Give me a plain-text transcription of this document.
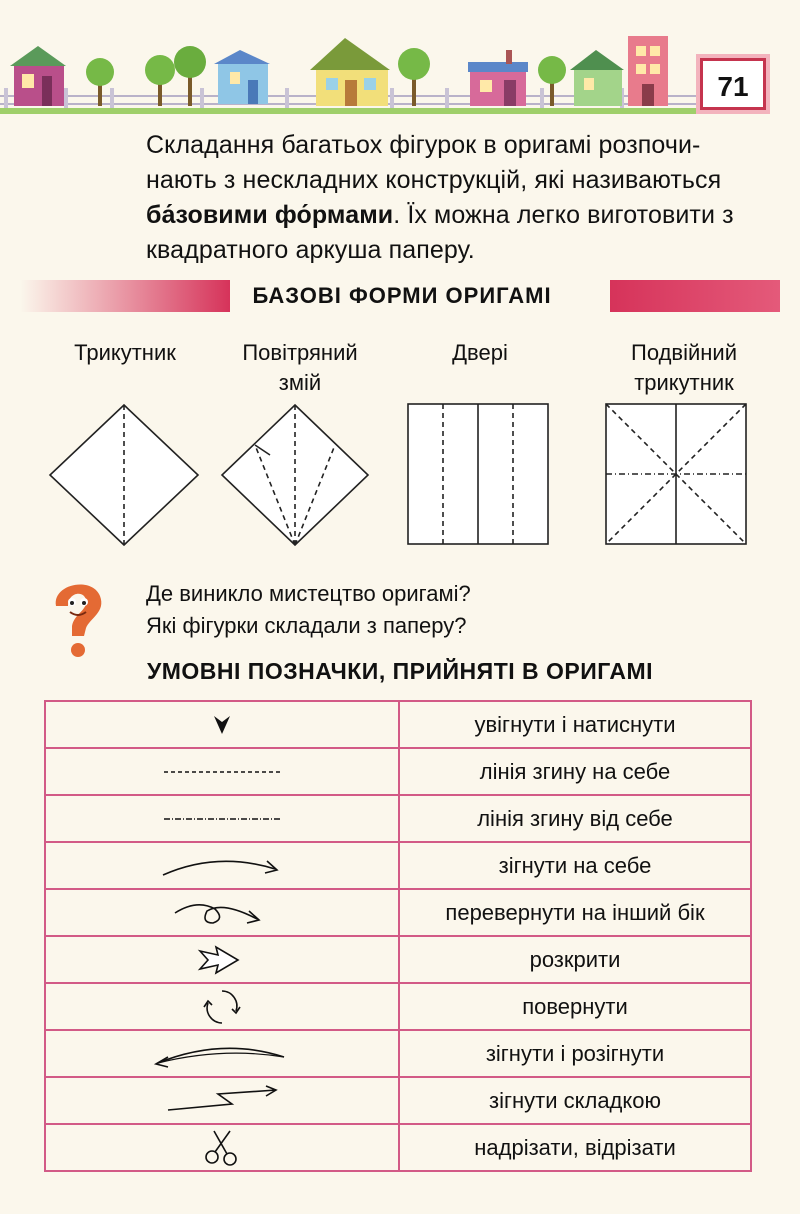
71
Складання багатьох фігурок в оригамі розпочи-нають з нескладних конструкцій, які називаються ба́зовими фо́рмами. Їх можна легко виготовити з квадратного аркуша паперу.
БАЗОВІ ФОРМИ ОРИГАМІ
Трикутник	Повітряний
змій
Двері	Подвійний
трикутник
Де виникло мистецтво оригамі?
Які фігурки складали з паперу?
УМОВНІ ПОЗНАЧКИ, ПРИЙНЯТІ В ОРИГАМІ
	увігнути і натиснути

	лінія згину на себе

	лінія згину від себе

	зігнути на себе

	перевернути на інший бік

	розкрити

	повернути

	зігнути і розігнути

	зігнути складкою

	надрізати, відрізати
